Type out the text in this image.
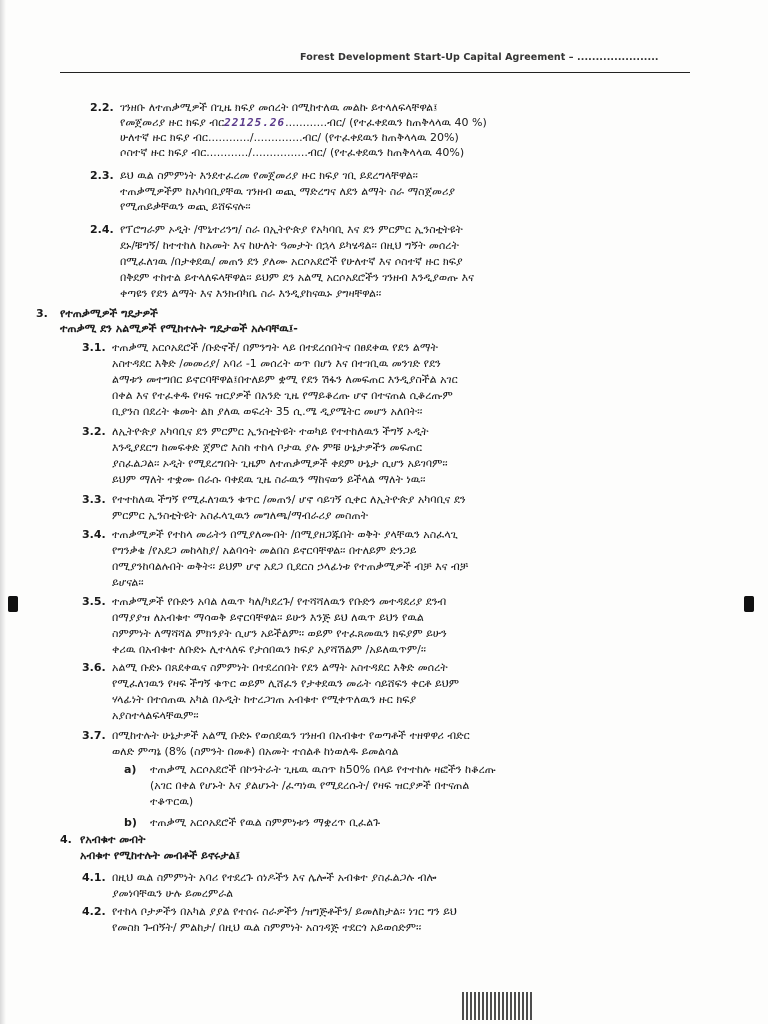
Forest Development Start-Up Capital Agreement – ......................
2.2. ገንዘቡ ለተጠቃሚዎች በጊዜ ክፍያ መሰረት በሚከተለዉ መልኩ ይተላለፍላቸዋል፤
የመጀመሪያ ዙር ክፍያ ብር22125.26............ብር/ (የተፈቀደዉን ከጠቅላላዉ 40 %)
ሁለተኛ ዙር ክፍያ ብር............/..............ብር/ (የተፈቀደዉን ከጠቅላላዉ 20%)
ሶስተኛ ዙር ክፍያ ብር............/................ብር/ (የተፈቀደዉን ከጠቅላላዉ 40%)
2.3. ይህ ዉል ስምምነት እንደተፈረመ የመጀመሪያ ዙር ክፍያ ገቢ ይደረግላቸዋል፡፡
ተጠቃሚዎችም ከአካባቢያቸዉ ገንዘብ ወጪ ማድረግና ለደን ልማት ስራ ማስጀመሪያ
የሚጠይቃቸዉን ወጪ ይሸፍናሉ፡፡
2.4. የፕሮግራም ኦዲት /ሞኒተሪንግ/ ስራ በኢትዮጵያ የአካባቢ እና ደን ምርምር ኢንስቲትዩት
ደኑ/ቹግኝ/ ከተተከለ ከአመት እና ከሁለት ዓመታት በኋላ ይካሄዳል፡፡ በዚህ ግኝት መሰረት
በሚፈለገዉ /በታቀደዉ/ መጠን ደን ያለሙ አርሶአደሮች የሁለተኛ እና ሶስተኛ ዙር ክፍያ
በቅደም ተከተል ይተላለፍላቸዋል፡፡ ይህም ደን አልሚ አርሶአደሮችን ገንዘብ እንዲያወጡ እና
ቀጣዩን የደን ልማት እና እንክብካቤ ስራ እንዲያከናዉኑ ያግዛቸዋል፡፡
3. የተጠቃሚዎች ግዴታዎች
ተጠቃሚ ደን አልሚዎች የሚከተሉት ግዴታወች አሉባቸዉ፤-
3.1. ተጠቃሚ አርሶአደሮች /ቡድኖች/ በምንግት ላይ በተደረሰበትና በፀደቀዉ የደን ልማት
አስተዳደር እቅድ /መመሪያ/ አባሪ -1 መሰረት ወጥ በሆነ እና በተገቢዉ መንገድ የደን
ልማቱን መተግበር ይኖርባቸዋል፤በተለይም ቋሚ የደን ሽፋን ለመፍጠር እንዲያስችል አገር
በቀል እና የተፈቀዱ የዛፍ ዝርያዎች በአንድ ጊዜ የማይቆረጡ ሆኖ በተናጠል ሲቆረጡም
ቢያንስ በደረት ቁመት ልክ ያለዉ ወፍረት 35 ሲ.ሜ ዲያሜትር መሆን አለበት፡፡
3.2. ለኢትዮጵያ አካባቢና ደን ምርምር ኢንስቲትዩት ተወካይ የተተከለዉን ችግኝ ኦዲት
እንዲያደርግ ከመፍቀድ ጀምሮ እስከ ተከላ ቦታዉ ያሉ ምቹ ሁኔታዎችን መፍጠር
ያስፈልጋል፡፡ ኦዲት የሚደረግበት ጊዜም ለተጠቃሚዎች ቀደም ሁኔታ ሲሆን አይገባም፡፡
ይህም ማለት ተቋሙ በራሱ ባቀደዉ ጊዜ ስራዉን ማከናወን ይችላል ማለት ነዉ፡፡
3.3. የተተከለዉ ችግኝ የሚፈለገዉን ቁጥር /መጠን/ ሆኖ ሳይገኝ ሲቀር ለኢትዮጵያ አካባቢና ደን
ምርምር ኢንስቲትዩት አስፈላጊዉን መግለጫ/ማብራሪያ መስጠት
3.4. ተጠቃሚዎች የተከላ መሬትን በሚያለሙበት /በሚያዘጋጁበት ወቅት ያላቸዉን አስፈላጊ
የግንቃቄ /የአደጋ መከላከያ/ አልባሳት መልበስ ይኖርባቸዋል፡፡ በተለይም ድንጋይ
በሚያንከባልሉበት ወቅት፡፡ ይህም ሆኖ አደጋ ቢደርስ ኃላፊነቱ የተጠቃሚዎች ብቻ እና ብቻ
ይሆናል፡፡
3.5. ተጠቃሚዎች የቡድን አባል ለዉጥ ካለ/ካደረጉ/ የተሻሻለዉን የቡድን መተዳደሪያ ደንብ
በማያያዝ ለአብቁተ ማሳወቅ ይኖርባቸዋል፡፡ ይሁን እንጅ ይህ ለዉጥ ይህን የዉል
ስምምነት ለማሻሻል ምክንያት ሲሆን አይችልም፡፡ ወይም የተፈጸመዉን ክፍያም ይሁን
ቀሪዉ በአብቁተ ለቡድኑ ሊተላለፍ የታሰበዉን ክፍያ አያሻሽልም /አይለዉጥም/፡፡
3.6. አልሚ ቡድኑ በጸደቀዉና ስምምነት በተደረሰበት የደን ልማት አስተዳደር እቅድ መሰረት
የሚፈለገዉን የዛፍ ችግኝ ቁጥር ወይም ሊሸፈን የታቀደዉን መሬት ሳይሸፍን ቀርቶ ይህም
ሃላፊነት በተሰጠዉ አካል በኦዲት ከተረጋገጠ አብቁተ የሚቀጥለዉን ዙር ክፍያ
አያስተላልፍላቸዉም፡፡
3.7. በሚከተሉት ሁኔታዎች አልሚ ቡድኑ የወሰደዉን ገንዘብ በአብቁተ የወጣቶች ተዘዋዋሪ ብድር
ወለድ ምጣኔ (8% (ስምንት በመቶ) በአመት ተሰልቶ ከነወለዱ ይመልሳል
a) ተጠቃሚ አርሶአደሮች በኮንትራት ጊዜዉ ዉስጥ ከ50% በላይ የተተከሉ ዛፎችን ከቆረጡ
(አገር በቀል የሆኑት እና ያልሆኑት /ፈጣነዉ የሚደረሱት/ የዛፍ ዝርያዎች በተናጠል
ተቆጥርዉ)
b) ተጠቃሚ አርሶአደሮች የዉል ስምምነቱን ማቋረጥ ቢፈልጉ
4. የአብቁተ መብት
አብቁተ የሚከተሉት መብቶች ይኖሩታል፤
4.1. በዚህ ዉል ስምምነት አባሪ የተደረጉ ሰነዶችን እና ሌሎች አብቁተ ያስፈልጋሉ ብሎ
ያመነባቸዉን ሁሉ ይመረምራል
4.2. የተከላ ቦታዎችን በአካል ያያል የተሰሩ ስራዎችን /ዝግጅቶችን/ ይመለከታል፡፡ ነገር ግን ይህ
የመስክ ጉብኝት/ ምልከታ/ በዚህ ዉል ስምምነት አስገዳጅ ተደርጎ አይወሰድም፡፡
